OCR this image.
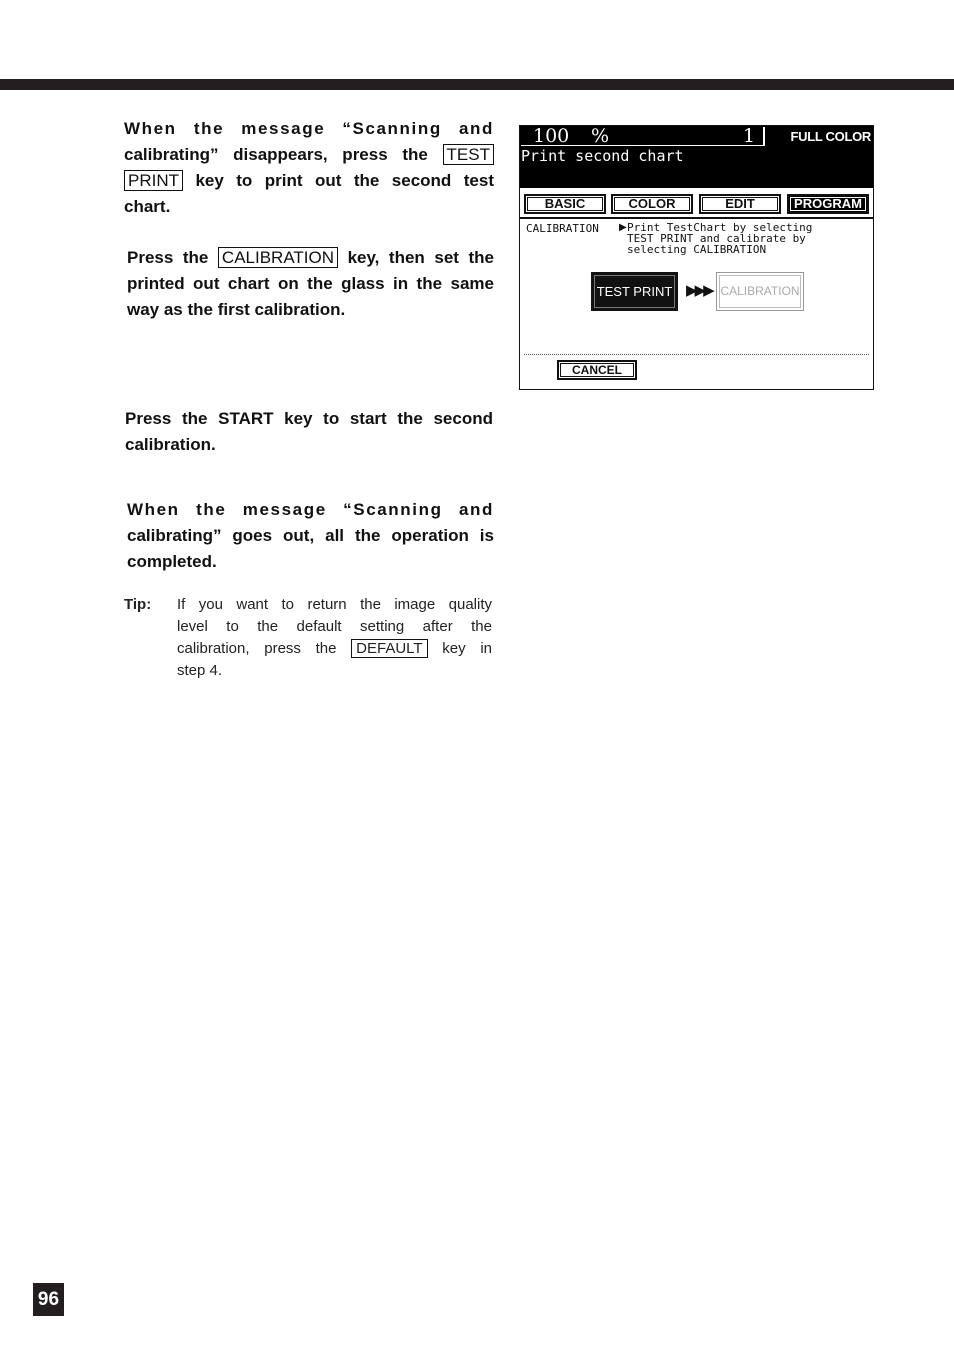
When the message “Scanning and
calibrating” disappears, press the TEST
PRINT key to print out the second test
chart.
Press the CALIBRATION key, then set the
printed out chart on the glass in the same
way as the first calibration.
Press the START key to start the second
calibration.
When the message “Scanning and
calibrating” goes out, all the operation is
completed.
Tip: If you want to return the image quality
level to the default setting after the
calibration, press the DEFAULT key in
step 4.
100 %	1	FULL COLOR
Print second chart
BASIC	COLOR	EDIT	PROGRAM
CALIBRATION ▶ Print TestChart by selecting
TEST PRINT and calibrate by
selecting CALIBRATION
TEST PRINT ▶▶▶ CALIBRATION
CANCEL
96
